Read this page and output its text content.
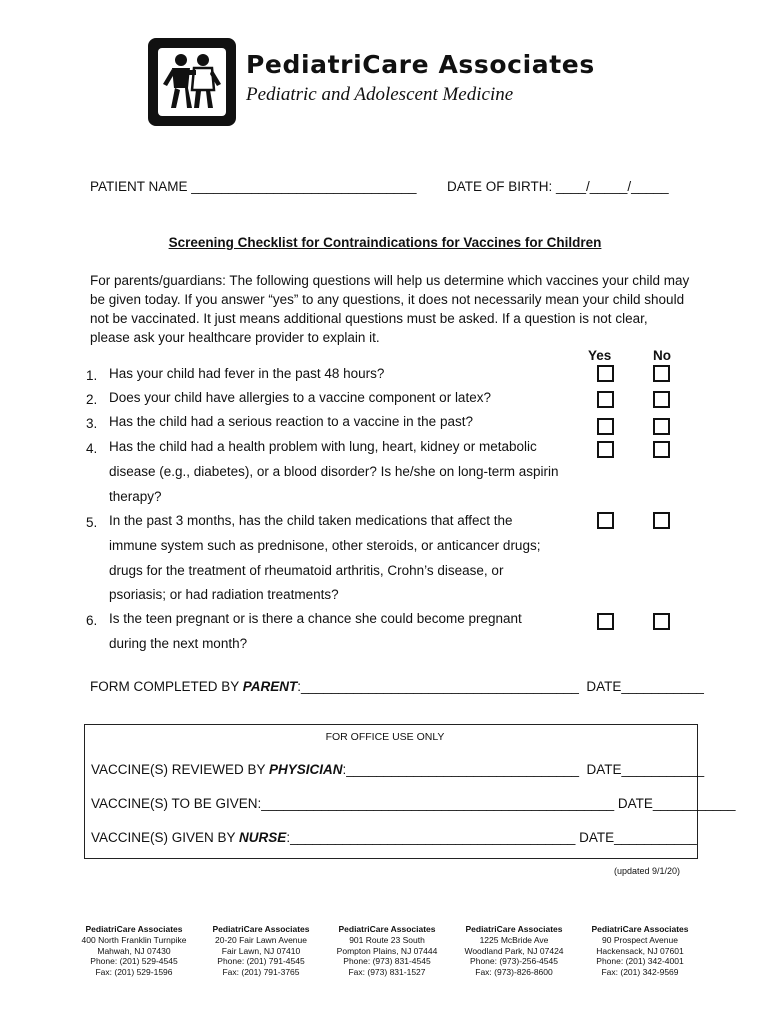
PediatriCare Associates
Pediatric and Adolescent Medicine
PATIENT NAME ______________________________ DATE OF BIRTH: ____/_____/_____
Screening Checklist for Contraindications for Vaccines for Children
For parents/guardians: The following questions will help us determine which vaccines your child may be given today. If you answer “yes” to any questions, it does not necessarily mean your child should not be vaccinated. It just means additional questions must be asked. If a question is not clear, please ask your healthcare provider to explain it.
Yes	No
1. Has your child had fever in the past 48 hours?
2. Does your child have allergies to a vaccine component or latex?
3. Has the child had a serious reaction to a vaccine in the past?
4. Has the child had a health problem with lung, heart, kidney or metabolic disease (e.g., diabetes), or a blood disorder? Is he/she on long-term aspirin therapy?
5. In the past 3 months, has the child taken medications that affect the immune system such as prednisone, other steroids, or anticancer drugs; drugs for the treatment of rheumatoid arthritis, Crohn’s disease, or psoriasis; or had radiation treatments?
6. Is the teen pregnant or is there a chance she could become pregnant during the next month?
FORM COMPLETED BY PARENT:_____________________________________  DATE___________
FOR OFFICE USE ONLY
VACCINE(S) REVIEWED BY PHYSICIAN:_______________________________  DATE___________
VACCINE(S) TO BE GIVEN:_______________________________________________ DATE___________
VACCINE(S) GIVEN BY NURSE:______________________________________ DATE___________
(updated 9/1/20)
PediatriCare Associates
400 North Franklin Turnpike
Mahwah, NJ 07430
Phone: (201) 529-4545
Fax: (201) 529-1596
PediatriCare Associates
20-20 Fair Lawn Avenue
Fair Lawn, NJ 07410
Phone: (201) 791-4545
Fax: (201) 791-3765
PediatriCare Associates
901 Route 23 South
Pompton Plains, NJ 07444
Phone: (973) 831-4545
Fax: (973) 831-1527
PediatriCare Associates
1225 McBride Ave
Woodland Park, NJ 07424
Phone: (973)-256-4545
Fax: (973)-826-8600
PediatriCare Associates
90 Prospect Avenue
Hackensack, NJ 07601
Phone: (201) 342-4001
Fax: (201) 342-9569
